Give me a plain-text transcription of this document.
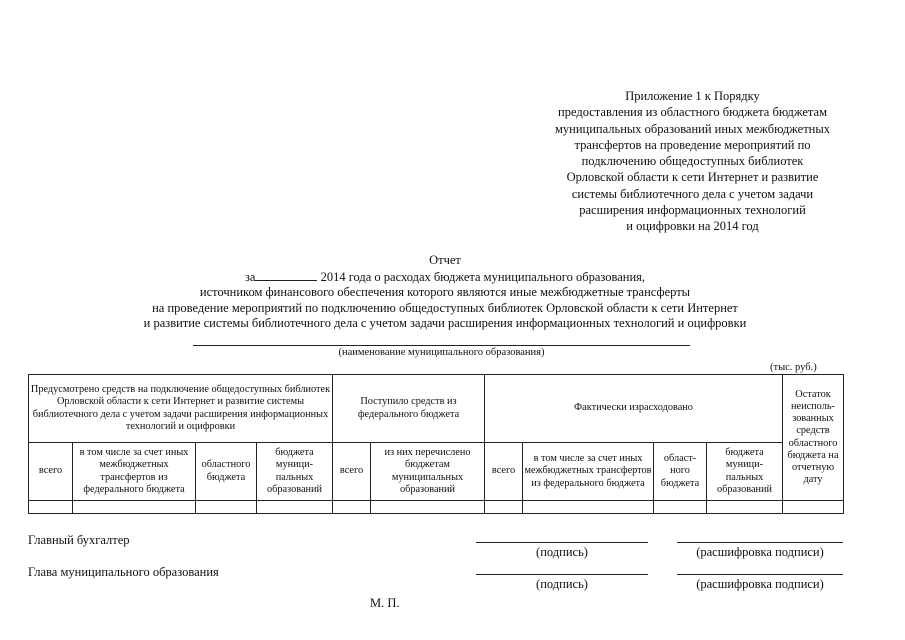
Приложение 1 к Порядку
предоставления из областного бюджета бюджетам
муниципальных образований иных межбюджетных
трансфертов на проведение мероприятий по
подключению общедоступных библиотек
Орловской области к сети Интернет и развитие
системы библиотечного дела с учетом задачи
расширения информационных технологий
и оцифровки на 2014 год
Отчет
за	2014 года о расходах бюджета муниципального образования,
источником финансового обеспечения которого являются иные межбюджетные трансферты
на проведение мероприятий по подключению общедоступных библиотек Орловской области к сети Интернет
и развитие системы библиотечного дела с учетом задачи расширения информационных технологий и оцифровки
(наименование муниципального образования)
(тыс. руб.)
Предусмотрено средств на подключение общедоступных библиотек Орловской области к сети Интернет и развитие системы библиотечного дела с учетом задачи расширения информационных технологий и оцифровки				Поступило средств из федерального бюджета		Фактически израсходовано				Остаток неисполь-зованных средств областного бюджета на отчетную дату
всего	в том числе за счет иных межбюджетных трансфертов из федерального бюджета	областного бюджета	бюджета муници-пальных образований	всего	из них перечислено бюджетам муниципальных образований	всего	в том числе за счет иных межбюджетных трансфертов из федерального бюджета	област-ного бюджета	бюджета муници-пальных образований	

Главный бухгалтер
(подпись)	(расшифровка подписи)
Глава муниципального образования
(подпись)	(расшифровка подписи)
М. П.
